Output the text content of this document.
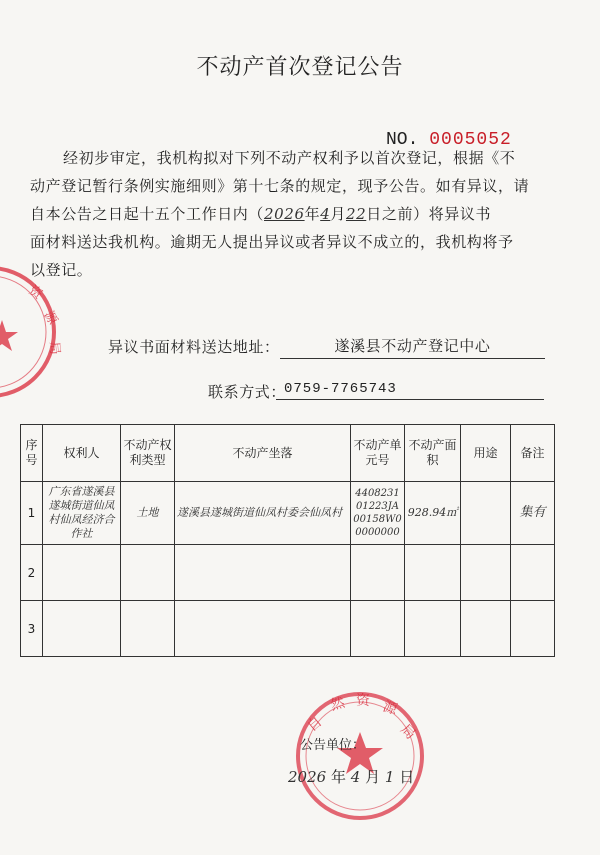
资
源
局
不动产首次登记公告
NO. 0005052

经初步审定，我机构拟对下列不动产权利予以首次登记，根据《不

动产登记暂行条例实施细则》第十七条的规定，现予公告。如有异议，请

自本公告之日起十五个工作日内（2026年4月22日之前）将异议书

面材料送达我机构。逾期无人提出异议或者异议不成立的，我机构将予

以登记。

异议书面材料送达地址：	遂溪县不动产登记中心
联系方式：
0759-7765743
序号	权利人	不动产权利类型	不动产坐落	不动产单元号	不动产面积	用途	备注
1	广东省遂溪县遂城街道仙凤村仙凤经济合作社	土地	遂溪县遂城街道仙凤村委会仙凤村	440823101223JA00158W00000000	928.94㎡		集有
2							
3							
自
然 资 源
局
公告单位：
2026 年 4 月 1 日
